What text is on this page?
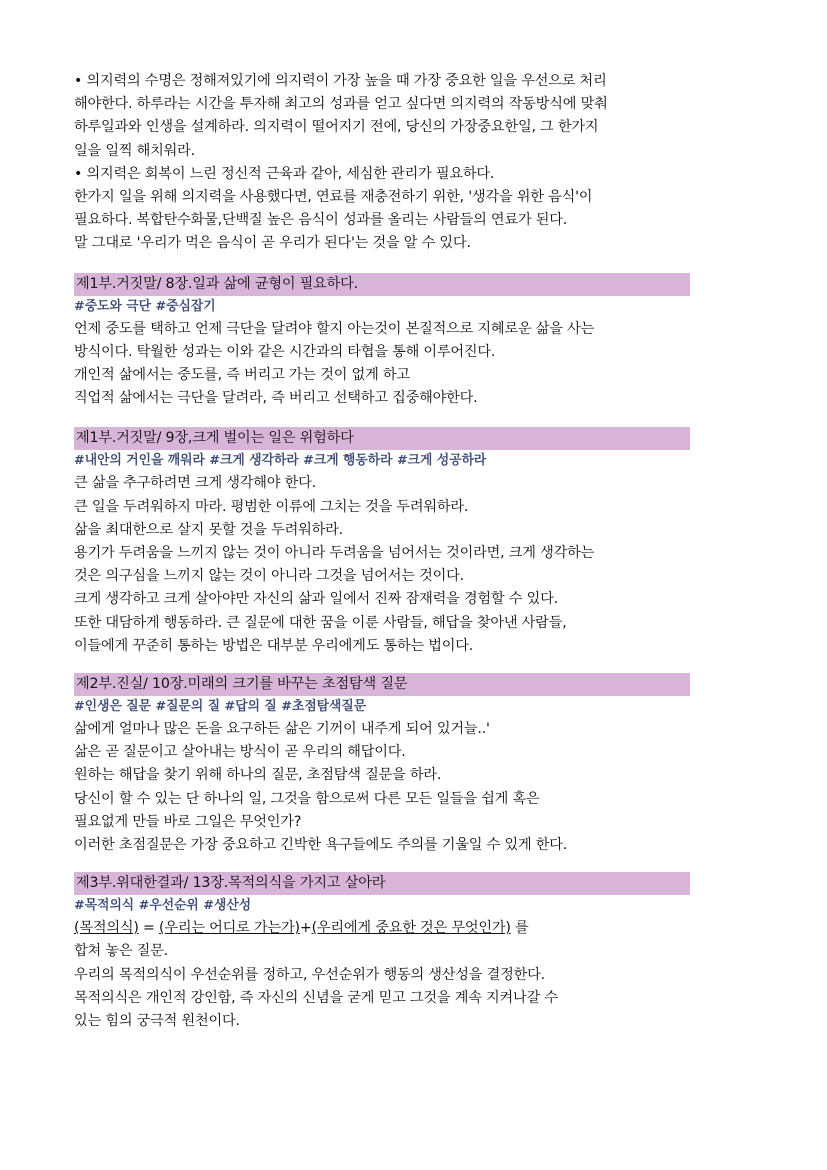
• 의지력의 수명은 정해져있기에 의지력이 가장 높을 때 가장 중요한 일을 우선으로 처리
해야한다. 하루라는 시간을 투자해 최고의 성과를 얻고 싶다면 의지력의 작동방식에 맞춰
하루일과와 인생을 설계하라. 의지력이 떨어지기 전에, 당신의 가장중요한일, 그 한가지
일을 일찍 해치워라.
• 의지력은 회복이 느린 정신적 근육과 같아, 세심한 관리가 필요하다.
한가지 일을 위해 의지력을 사용했다면, 연료를 재충전하기 위한, '생각을 위한 음식'이
필요하다. 복합탄수화물,단백질 높은 음식이 성과를 올리는 사람들의 연료가 된다.
말 그대로 '우리가 먹은 음식이 곧 우리가 된다'는 것을 알 수 있다.
제1부.거짓말/ 8장.일과 삶에 균형이 필요하다.
#중도와 극단 #중심잡기
언제 중도를 택하고 언제 극단을 달려야 할지 아는것이 본질적으로 지혜로운 삶을 사는
방식이다. 탁월한 성과는 이와 같은 시간과의 타협을 통해 이루어진다.
개인적 삶에서는 중도를, 즉 버리고 가는 것이 없게 하고
직업적 삶에서는 극단을 달려라, 즉 버리고 선택하고 집중해야한다.
제1부.거짓말/ 9장,크게 벌이는 일은 위험하다
#내안의 거인을 깨워라 #크게 생각하라 #크게 행동하라 #크게 성공하라
큰 삶을 추구하려면 크게 생각해야 한다.
큰 일을 두려워하지 마라. 평범한 이류에 그치는 것을 두려워하라.
삶을 최대한으로 살지 못할 것을 두려워하라.
용기가 두려움을 느끼지 않는 것이 아니라 두려움을 넘어서는 것이라면, 크게 생각하는
것은 의구심을 느끼지 않는 것이 아니라 그것을 넘어서는 것이다.
크게 생각하고 크게 살아야만 자신의 삶과 일에서 진짜 잠재력을 경험할 수 있다.
또한 대담하게 행동하라. 큰 질문에 대한 꿈을 이룬 사람들, 해답을 찾아낸 사람들,
이들에게 꾸준히 통하는 방법은 대부분 우리에게도 통하는 법이다.
제2부.진실/ 10장.미래의 크기를 바꾸는 초점탐색 질문
#인생은 질문 #질문의 질 #답의 질 #초점탐색질문
삶에게 얼마나 많은 돈을 요구하든 삶은 기꺼이 내주게 되어 있거늘..'
삶은 곧 질문이고 살아내는 방식이 곧 우리의 해답이다.
원하는 해답을 찾기 위해 하나의 질문, 초점탐색 질문을 하라.
당신이 할 수 있는 단 하나의 일, 그것을 함으로써 다른 모든 일들을 쉽게 혹은
필요없게 만들 바로 그일은 무엇인가?
이러한 초점질문은 가장 중요하고 긴박한 욕구들에도 주의를 기울일 수 있게 한다.
제3부.위대한결과/ 13장.목적의식을 가지고 살아라
#목적의식 #우선순위 #생산성
(목적의식) = (우리는 어디로 가는가)+(우리에게 중요한 것은 무엇인가) 를
합쳐 놓은 질문.
우리의 목적의식이 우선순위를 정하고, 우선순위가 행동의 생산성을 결정한다.
목적의식은 개인적 강인함, 즉 자신의 신념을 굳게 믿고 그것을 계속 지켜나갈 수
있는 힘의 궁극적 원천이다.
